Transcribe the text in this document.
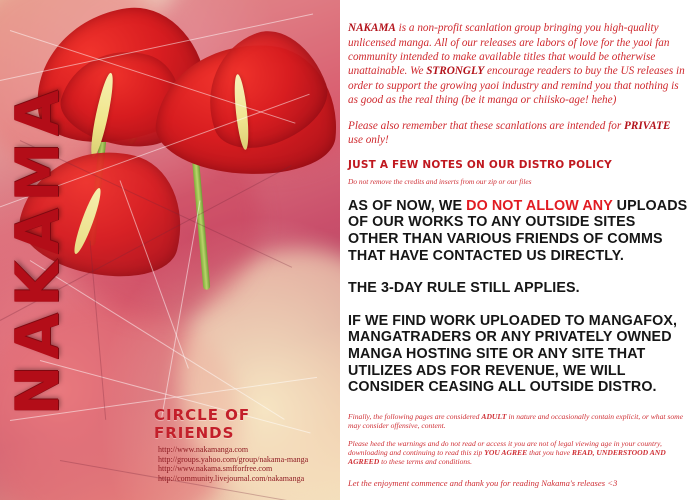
NAKAMA	CIRCLE OF FRIENDS
http://www.nakamanga.com
http://groups.yahoo.com/group/nakama-manga
http://www.nakama.smfforfree.com
http://community.livejournal.com/nakamanga

NAKAMA is a non-profit scanlation group bringing you high-quality unlicensed manga. All of our releases are labors of love for the yaoi fan community intended to make available titles that would be otherwise unattainable. We STRONGLY encourage readers to buy the US releases in order to support the growing yaoi industry and remind you that nothing is as good as the real thing (be it manga or chiisko-age! hehe)

Please also remember that these scanlations are intended for PRIVATE use only!

JUST A FEW NOTES ON OUR DISTRO POLICY

Do not remove the credits and inserts from our zip or our files

AS OF NOW, WE DO NOT ALLOW ANY UPLOADS OF OUR WORKS TO ANY OUTSIDE SITES OTHER THAN VARIOUS FRIENDS OF COMMS THAT HAVE CONTACTED US DIRECTLY.

THE 3-DAY RULE STILL APPLIES.

IF WE FIND WORK UPLOADED TO MANGAFOX, MANGATRADERS OR ANY PRIVATELY OWNED MANGA HOSTING SITE OR ANY SITE THAT UTILIZES ADS FOR REVENUE, WE WILL CONSIDER CEASING ALL OUTSIDE DISTRO.

Finally, the following pages are considered ADULT in nature and occasionally contain explicit, or what some may consider offensive, content.

Please heed the warnings and do not read or access it you are not of legal viewing age in your country, downloading and continuing to read this zip YOU AGREE that you have READ, UNDERSTOOD AND AGREED to these terms and conditions.

Let the enjoyment commence and thank you for reading Nakama's releases <3
